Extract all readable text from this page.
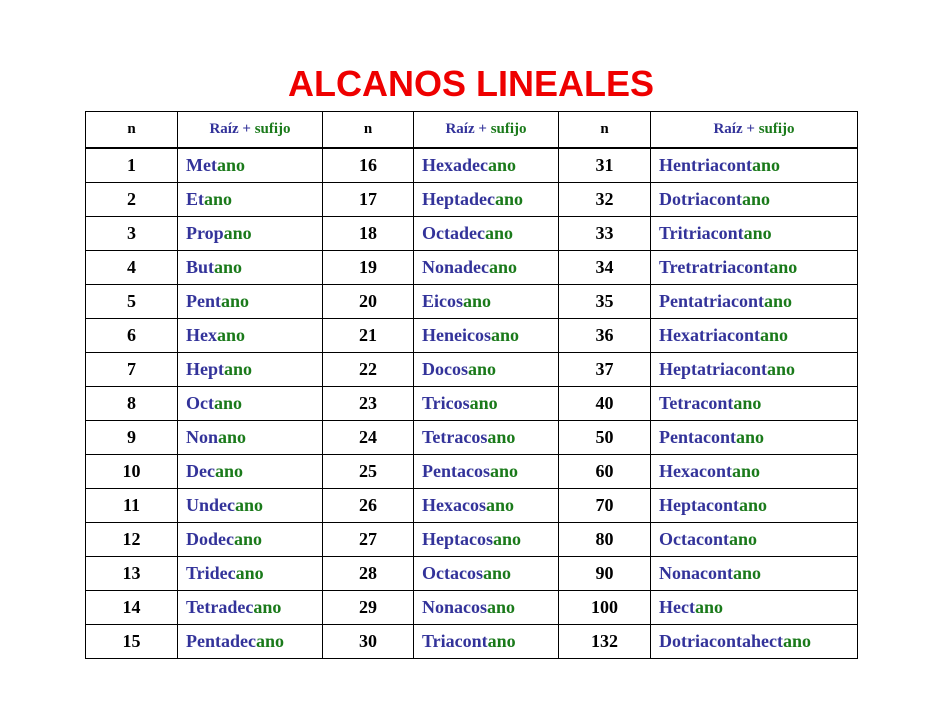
ALCANOS LINEALES
n	Raíz + sufijo	n	Raíz + sufijo	n	Raíz + sufijo
1	Metano	16	Hexadecano	31	Hentriacontano
2	Etano	17	Heptadecano	32	Dotriacontano
3	Propano	18	Octadecano	33	Tritriacontano
4	Butano	19	Nonadecano	34	Tretratriacontano
5	Pentano	20	Eicosano	35	Pentatriacontano
6	Hexano	21	Heneicosano	36	Hexatriacontano
7	Heptano	22	Docosano	37	Heptatriacontano
8	Octano	23	Tricosano	40	Tetracontano
9	Nonano	24	Tetracosano	50	Pentacontano
10	Decano	25	Pentacosano	60	Hexacontano
11	Undecano	26	Hexacosano	70	Heptacontano
12	Dodecano	27	Heptacosano	80	Octacontano
13	Tridecano	28	Octacosano	90	Nonacontano
14	Tetradecano	29	Nonacosano	100	Hectano
15	Pentadecano	30	Triacontano	132	Dotriacontahectano
